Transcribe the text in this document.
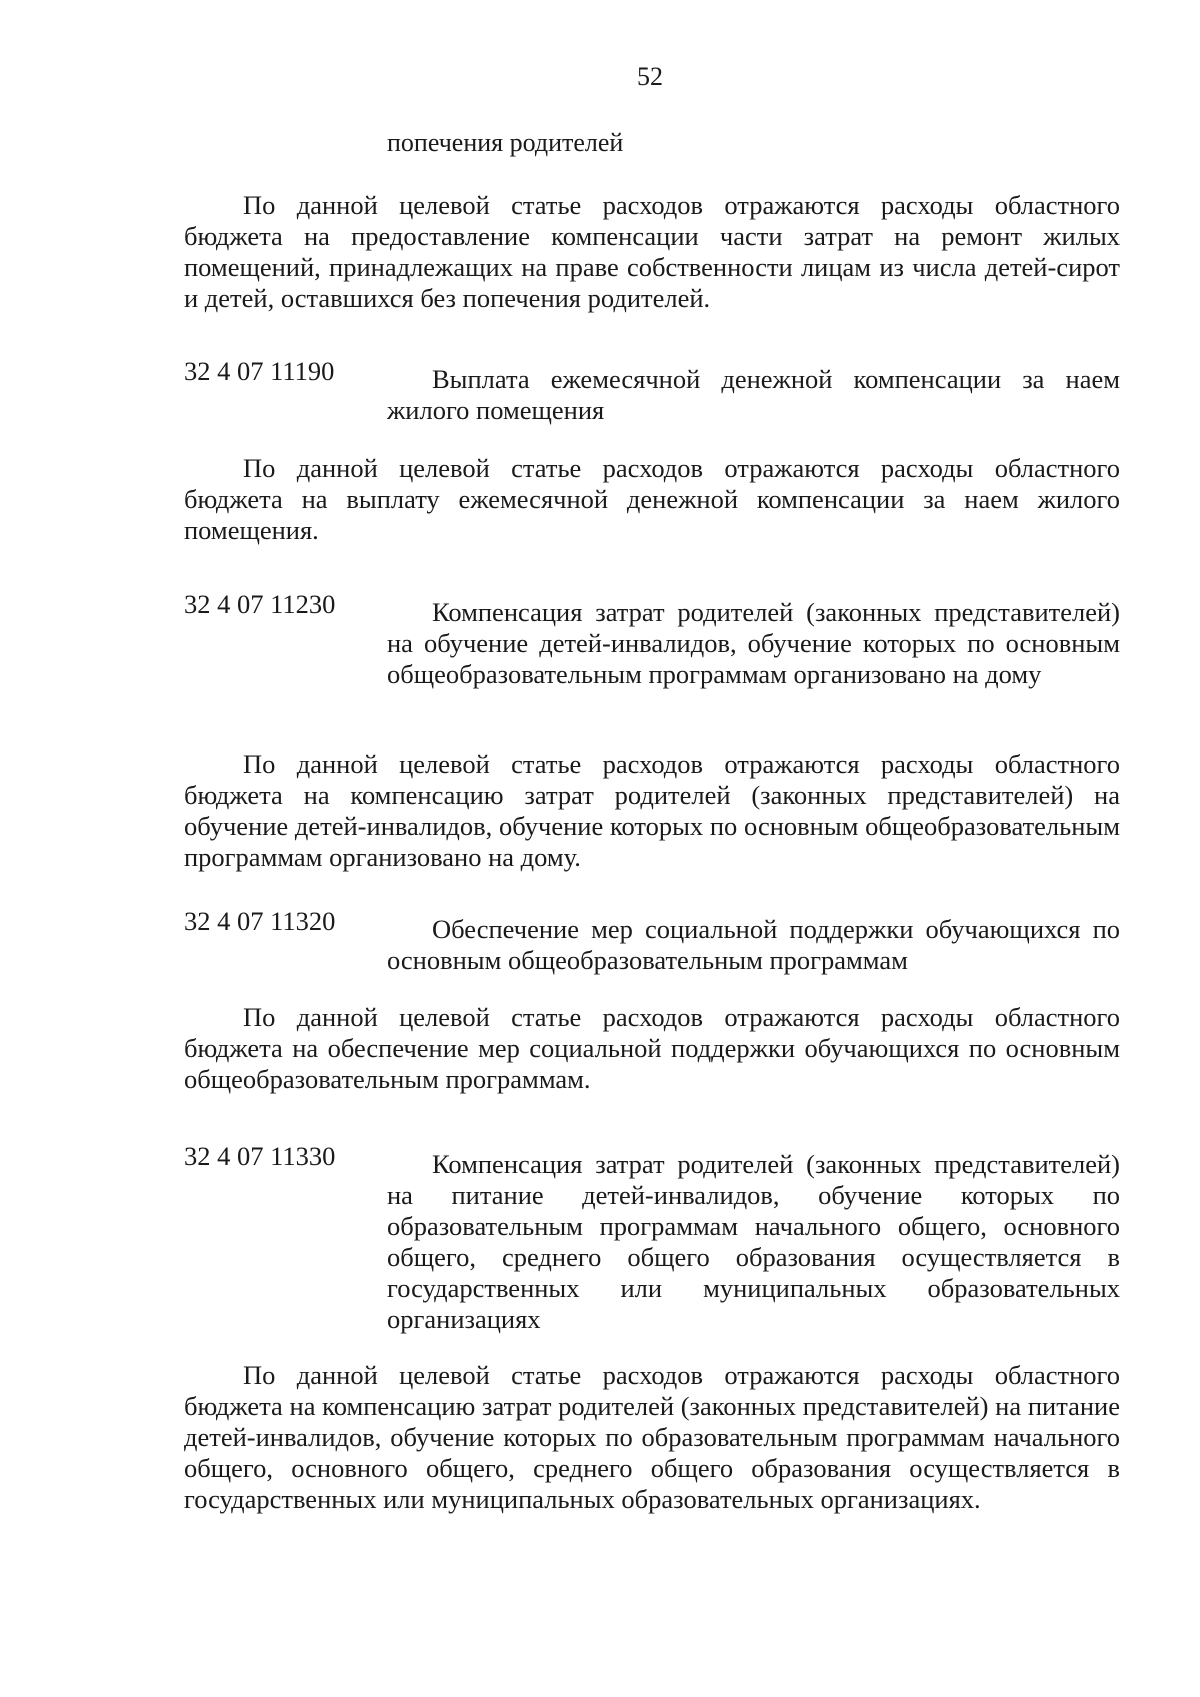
52
попечения родителей
По данной целевой статье расходов отражаются расходы областного бюджета на предоставление компенсации части затрат на ремонт жилых помещений, принадлежащих на праве собственности лицам из числа детей-сирот и детей, оставшихся без попечения родителей.
32 4 07 11190	Выплата ежемесячной денежной компенсации за наем жилого помещения
По данной целевой статье расходов отражаются расходы областного бюджета на выплату ежемесячной денежной компенсации за наем жилого помещения.
32 4 07 11230	Компенсация затрат родителей (законных представителей) на обучение детей-инвалидов, обучение которых по основным общеобразовательным программам организовано на дому
По данной целевой статье расходов отражаются расходы областного бюджета на компенсацию затрат родителей (законных представителей) на обучение детей-инвалидов, обучение которых по основным общеобразовательным программам организовано на дому.
32 4 07 11320	Обеспечение мер социальной поддержки обучающихся по основным общеобразовательным программам
По данной целевой статье расходов отражаются расходы областного бюджета на обеспечение мер социальной поддержки обучающихся по основным общеобразовательным программам.
32 4 07 11330	Компенсация затрат родителей (законных представителей) на питание детей-инвалидов, обучение которых по образовательным программам начального общего, основного общего, среднего общего образования осуществляется в государственных или муниципальных образовательных организациях
По данной целевой статье расходов отражаются расходы областного бюджета на компенсацию затрат родителей (законных представителей) на питание детей-инвалидов, обучение которых по образовательным программам начального общего, основного общего, среднего общего образования осуществляется в государственных или муниципальных образовательных организациях.
